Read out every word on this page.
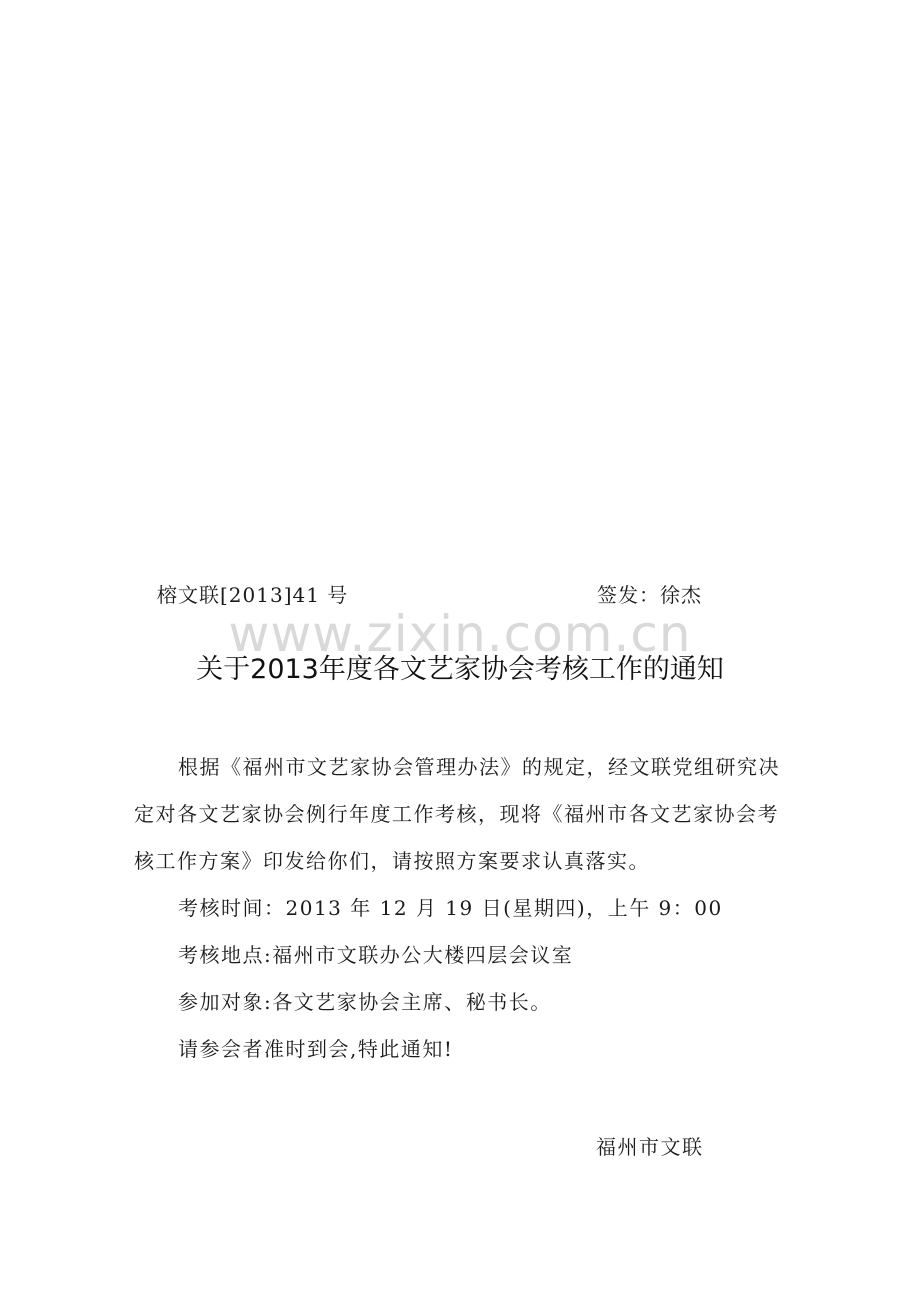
榕文联[2013]41 号	签发：徐杰
www.zixin.com.cn
关于2013年度各文艺家协会考核工作的通知

根据《福州市文艺家协会管理办法》的规定，经文联党组研究决定对各文艺家协会例行年度工作考核，现将《福州市各文艺家协会考核工作方案》印发给你们，请按照方案要求认真落实。

考核时间：2013 年 12 月 19 日(星期四)，上午 9：00

考核地点:福州市文联办公大楼四层会议室

参加对象:各文艺家协会主席、秘书长。

请参会者准时到会,特此通知!

福州市文联
